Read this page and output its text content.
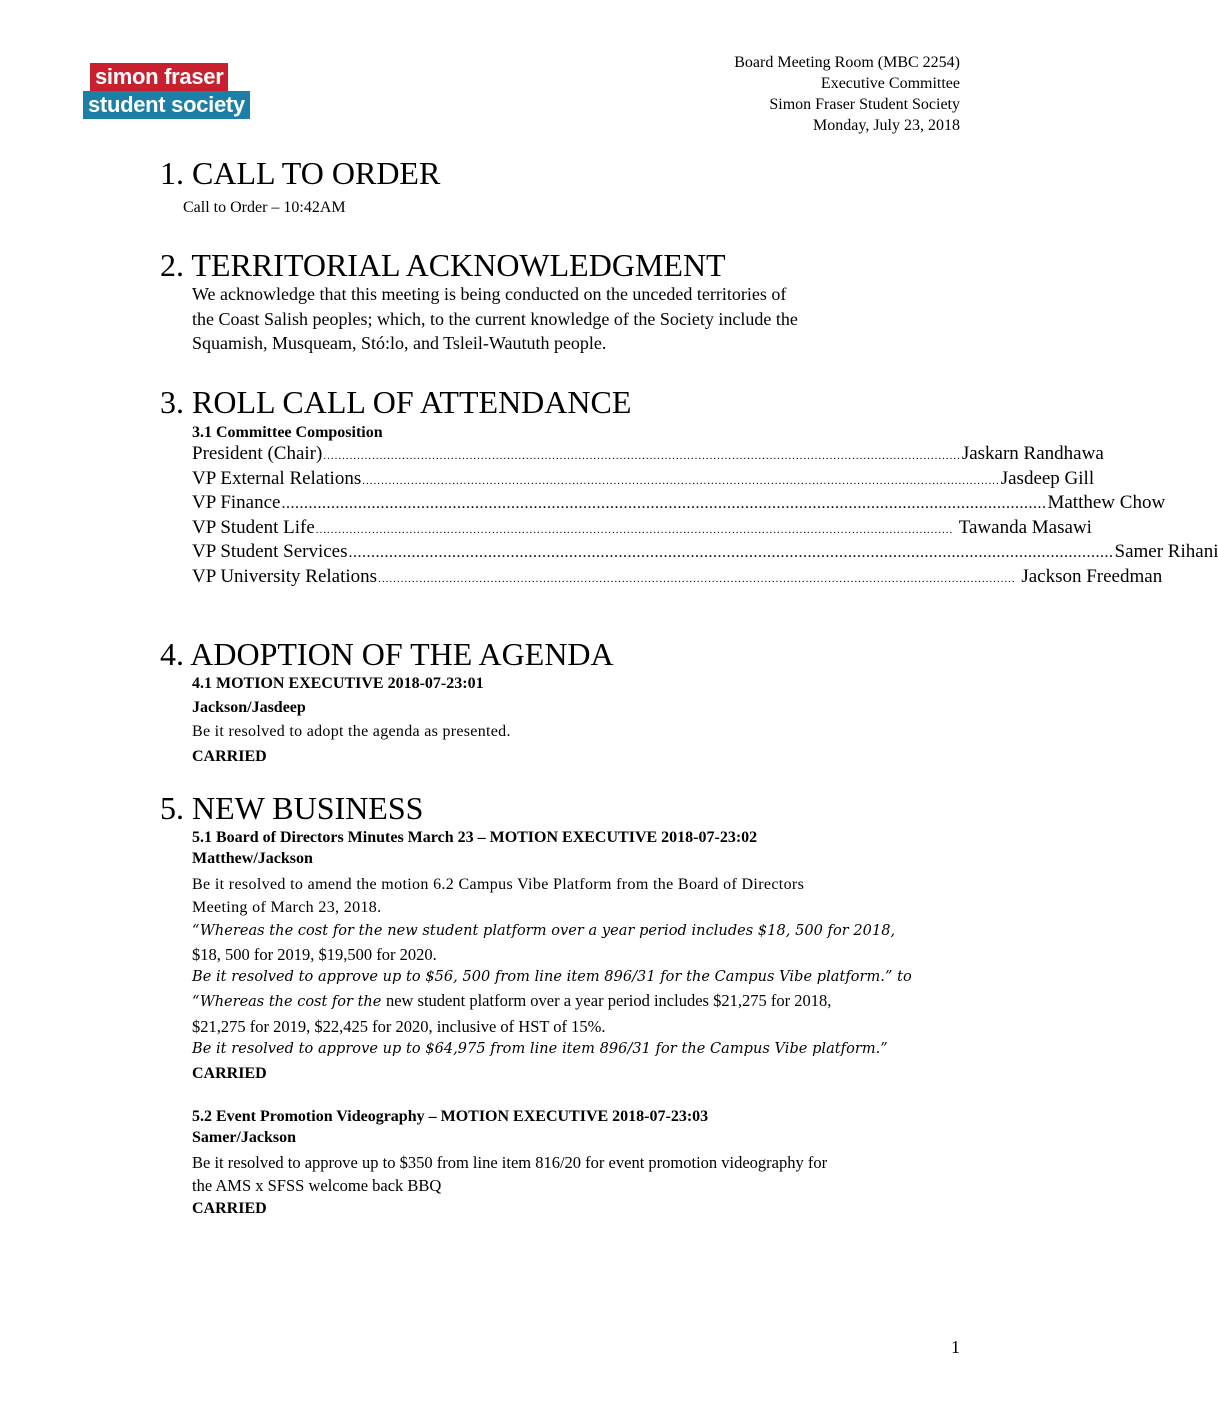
simon fraser
student society
Board Meeting Room (MBC 2254)
Executive Committee
Simon Fraser Student Society
Monday, July 23, 2018
1. CALL TO ORDER
Call to Order – 10:42AM
2. TERRITORIAL ACKNOWLEDGMENT
We acknowledge that this meeting is being conducted on the unceded territories of
the Coast Salish peoples; which, to the current knowledge of the Society include the
Squamish, Musqueam, Stó:lo, and Tsleil-Waututh people.
3. ROLL CALL OF ATTENDANCE
3.1 Committee Composition
President (Chair) .......................................................................................................................................................................... Jaskarn Randhawa
VP External Relations .......................................................................................................................................................................... Jasdeep Gill
VP Finance .......................................................................................................................................................................... Matthew Chow
VP Student Life .......................................................................................................................................................................... Tawanda Masawi
VP Student Services .......................................................................................................................................................................... Samer Rihani
VP University Relations .......................................................................................................................................................................... Jackson Freedman
4. ADOPTION OF THE AGENDA
4.1 MOTION EXECUTIVE 2018-07-23:01
Jackson/Jasdeep
Be it resolved to adopt the agenda as presented.
CARRIED
5. NEW BUSINESS
5.1 Board of Directors Minutes March 23 – MOTION EXECUTIVE 2018-07-23:02
Matthew/Jackson
Be it resolved to amend the motion 6.2 Campus Vibe Platform from the Board of Directors
Meeting of March 23, 2018.
“Whereas the cost for the new student platform over a year period includes $18, 500 for 2018,
$18, 500 for 2019, $19,500 for 2020.
Be it resolved to approve up to $56, 500 from line item 896/31 for the Campus Vibe platform.” to
“Whereas the cost for the new student platform over a year period includes $21,275 for 2018,
$21,275 for 2019, $22,425 for 2020, inclusive of HST of 15%.
Be it resolved to approve up to $64,975 from line item 896/31 for the Campus Vibe platform.”
CARRIED
5.2 Event Promotion Videography – MOTION EXECUTIVE 2018-07-23:03
Samer/Jackson
Be it resolved to approve up to $350 from line item 816/20 for event promotion videography for
the AMS x SFSS welcome back BBQ
CARRIED
1
